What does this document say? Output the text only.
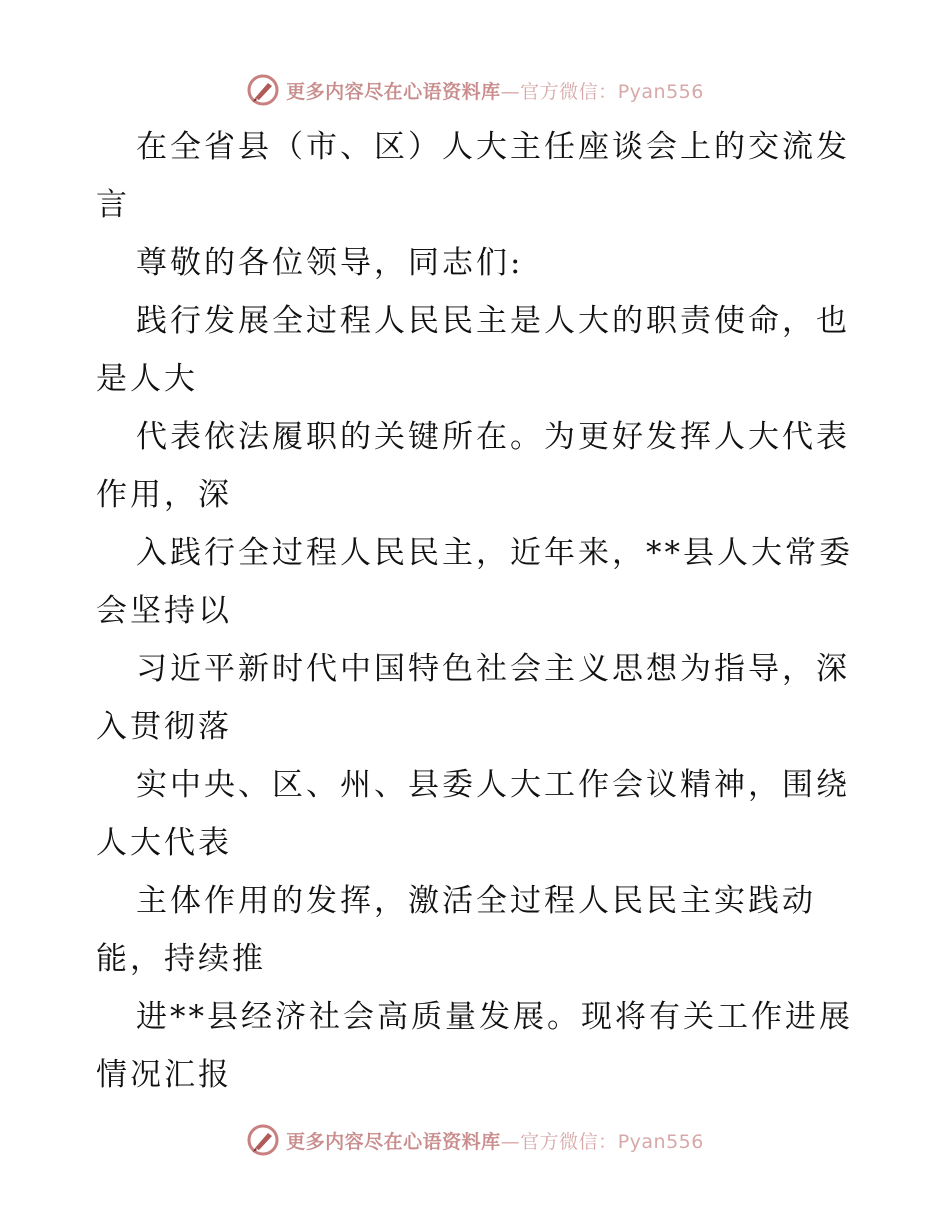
更多内容尽在心语资料库—官方微信：Pyan556
在全省县（市、区）人大主任座谈会上的交流发
言
尊敬的各位领导，同志们:
践行发展全过程人民民主是人大的职责使命，也
是人大
代表依法履职的关键所在。为更好发挥人大代表
作用，深
入践行全过程人民民主，近年来，**县人大常委
会坚持以
习近平新时代中国特色社会主义思想为指导，深
入贯彻落
实中央、区、州、县委人大工作会议精神，围绕
人大代表
主体作用的发挥，激活全过程人民民主实践动
能，持续推
进**县经济社会高质量发展。现将有关工作进展
情况汇报
更多内容尽在心语资料库—官方微信：Pyan556
